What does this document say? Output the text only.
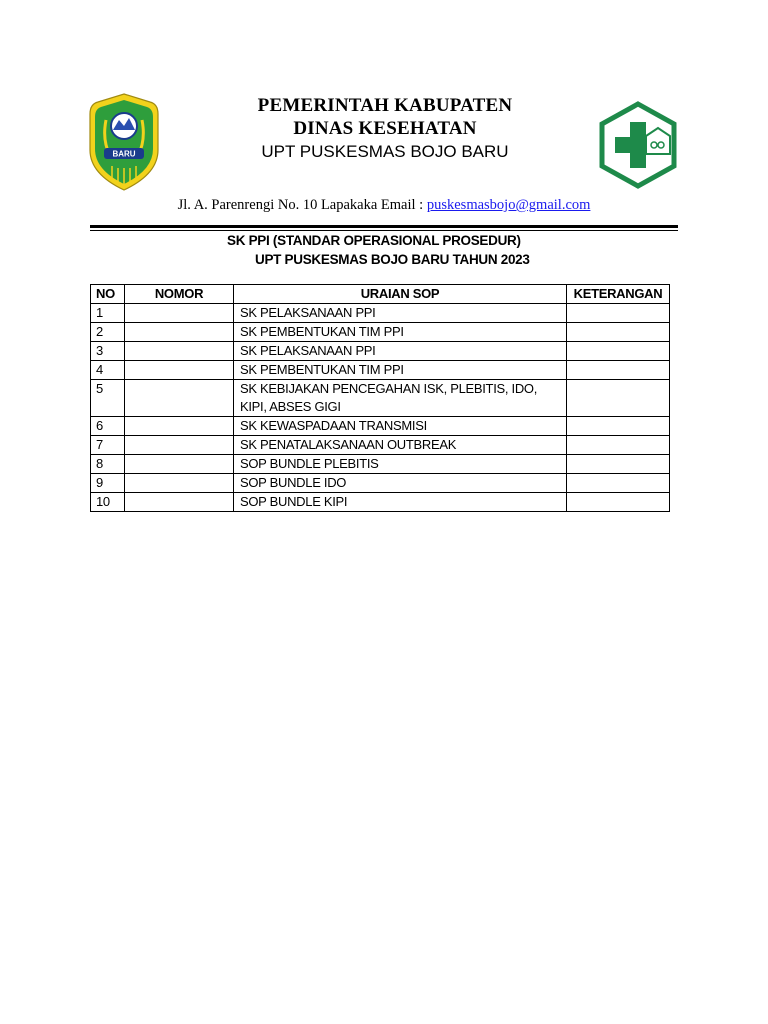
BARU
PEMERINTAH KABUPATEN
DINAS KESEHATAN
UPT PUSKESMAS BOJO BARU
Jl. A. Parenrengi No. 10 Lapakaka Email : puskesmasbojo@gmail.com
SK PPI (STANDAR OPERASIONAL PROSEDUR)
UPT PUSKESMAS BOJO BARU TAHUN 2023
NO	NOMOR	URAIAN SOP	KETERANGAN
1		SK PELAKSANAAN PPI	
2		SK PEMBENTUKAN TIM PPI	
3		SK PELAKSANAAN PPI	
4		SK PEMBENTUKAN TIM PPI	
5		SK KEBIJAKAN PENCEGAHAN ISK, PLEBITIS, IDO,
KIPI, ABSES GIGI	

6		SK KEWASPADAAN TRANSMISI	
7		SK PENATALAKSANAAN OUTBREAK	
8		SOP BUNDLE PLEBITIS	
9		SOP BUNDLE IDO	
10		SOP BUNDLE KIPI	
